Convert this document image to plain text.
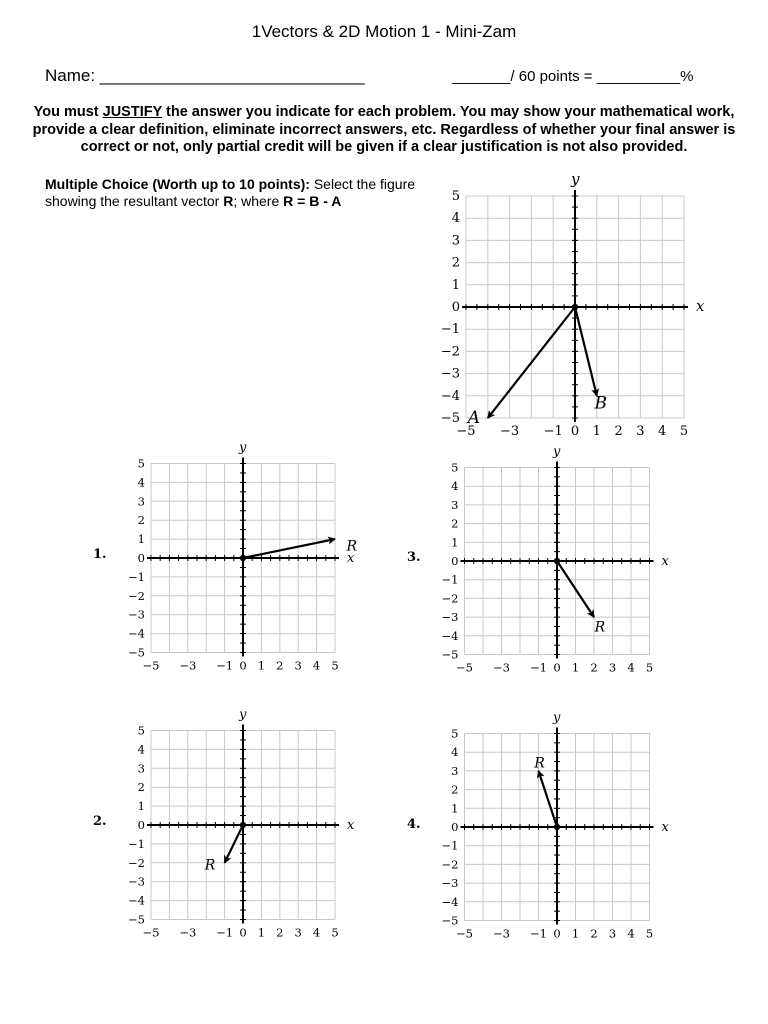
1Vectors & 2D Motion 1 - Mini-Zam
Name: ____________________________	_______/ 60 points = __________%
You must JUSTIFY the answer you indicate for each problem. You may show your mathematical work, provide a clear definition, eliminate incorrect answers, etc. Regardless of whether your final answer is correct or not, only partial credit will be given if a clear justification is not also provided.
Multiple Choice (Worth up to 10 points): Select the figure showing the resultant vector R; where R = B - A
x
y
5
4
3
2
1
0
−1
−2
−3
−4
−5
−5 −3 −1 0 1 2 3 4 5
A
B
1.	x
y
5
4
3
2
1
0
−1
−2
−3
−4
−5
−5 −3 −1 0 1 2 3 4 5
R
2.	x
y
5
4
3
2
1
0
−1
−2
−3
−4
−5
−5 −3 −1 0 1 2 3 4 5
R
3.	x
y
5
4
3
2
1
0
−1
−2
−3
−4
−5
−5 −3 −1 0 1 2 3 4 5
R
4.	x
y
5
4
3
2
1
0
−1
−2
−3
−4
−5
−5 −3 −1 0 1 2 3 4 5
R
